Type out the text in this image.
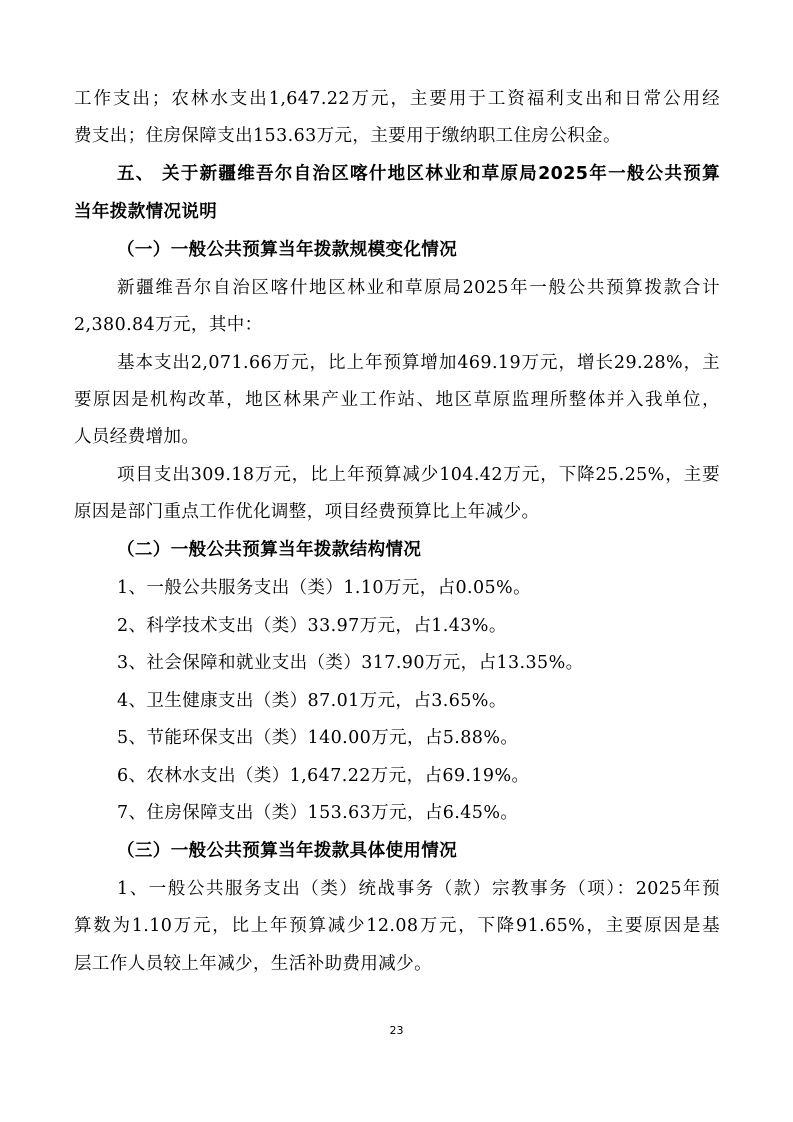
工作支出；农林水支出1,647.22万元，主要用于工资福利支出和日常公用经
费支出；住房保障支出153.63万元，主要用于缴纳职工住房公积金。
五、 关于新疆维吾尔自治区喀什地区林业和草原局2025年一般公共预算
当年拨款情况说明
（一）一般公共预算当年拨款规模变化情况
新疆维吾尔自治区喀什地区林业和草原局2025年一般公共预算拨款合计
2,380.84万元，其中：
基本支出2,071.66万元，比上年预算增加469.19万元，增长29.28%，主
要原因是机构改革，地区林果产业工作站、地区草原监理所整体并入我单位，
人员经费增加。
项目支出309.18万元，比上年预算减少104.42万元，下降25.25%，主要
原因是部门重点工作优化调整，项目经费预算比上年减少。
（二）一般公共预算当年拨款结构情况
1、一般公共服务支出（类）1.10万元，占0.05%。
2、科学技术支出（类）33.97万元，占1.43%。
3、社会保障和就业支出（类）317.90万元，占13.35%。
4、卫生健康支出（类）87.01万元，占3.65%。
5、节能环保支出（类）140.00万元，占5.88%。
6、农林水支出（类）1,647.22万元，占69.19%。
7、住房保障支出（类）153.63万元，占6.45%。
（三）一般公共预算当年拨款具体使用情况
1、一般公共服务支出（类）统战事务（款）宗教事务（项）：2025年预
算数为1.10万元，比上年预算减少12.08万元，下降91.65%，主要原因是基
层工作人员较上年减少，生活补助费用减少。
23
